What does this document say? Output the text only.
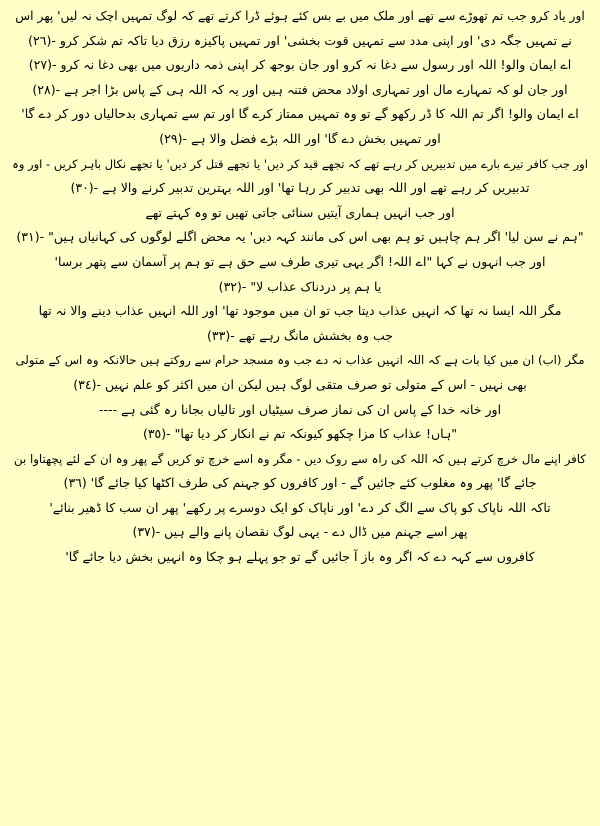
اور یاد کرو جب تم تھوڑے سے تھے اور ملک میں بے بس کئے ہوئے ڈرا کرتے تھے کہ لوگ تمہیں اچک نہ لیں' پھر اس
نے تمہیں جگہ دی' اور اپنی مدد سے تمہیں قوت بخشی' اور تمہیں پاکیزہ رزق دیا تاکہ تم شکر کرو -(٢٦)
اے ایمان والو! اللہ اور رسول سے دغا نہ کرو اور جان بوجھ کر اپنی ذمہ داریوں میں بھی دغا نہ کرو -(٢٧)
اور جان لو کہ تمہارے مال اور تمہاری اولاد محض فتنہ ہیں اور یہ کہ اللہ ہی کے پاس بڑا اجر ہے -(٢٨)
اے ایمان والو! اگر تم اللہ کا ڈر رکھو گے تو وہ تمہیں ممتاز کرے گا اور تم سے تمہاری بدحالیاں دور کر دے گا'
اور تمہیں بخش دے گا' اور اللہ بڑے فضل والا ہے -(٢٩)
اور جب کافر تیرے بارے میں تدبیریں کر رہے تھے کہ تجھے قید کر دیں' یا تجھے قتل کر دیں' یا تجھے نکال باہر کریں - اور وہ
تدبیریں کر رہے تھے اور اللہ بھی تدبیر کر رہا تھا' اور اللہ بہترین تدبیر کرنے والا ہے -(٣٠)
اور جب انہیں ہماری آیتیں سنائی جاتی تھیں تو وہ کہتے تھے
"ہم نے سن لیا' اگر ہم چاہیں تو ہم بھی اس کی مانند کہہ دیں' یہ محض اگلے لوگوں کی کہانیاں ہیں" -(٣١)
اور جب انہوں نے کہا "اے اللہ! اگر یہی تیری طرف سے حق ہے تو ہم پر آسمان سے پتھر برسا'
یا ہم پر دردناک عذاب لا" -(٣٢)
مگر اللہ ایسا نہ تھا کہ انہیں عذاب دیتا جب تو ان میں موجود تھا' اور اللہ انہیں عذاب دینے والا نہ تھا
جب وہ بخشش مانگ رہے تھے -(٣٣)
مگر (اب) ان میں کیا بات ہے کہ اللہ انہیں عذاب نہ دے جب وہ مسجد حرام سے روکتے ہیں حالانکہ وہ اس کے متولی
بھی نہیں - اس کے متولی تو صرف متقی لوگ ہیں لیکن ان میں اکثر کو علم نہیں -(٣٤)
اور خانہ خدا کے پاس ان کی نماز صرف سیٹیاں اور تالیاں بجانا رہ گئی ہے ----
"ہاں! عذاب کا مزا چکھو کیونکہ تم نے انکار کر دیا تھا" -(٣٥)
کافر اپنے مال خرچ کرتے ہیں کہ اللہ کی راہ سے روک دیں - مگر وہ اسے خرچ تو کریں گے پھر وہ ان کے لئے پچھتاوا بن
جائے گا' پھر وہ مغلوب کئے جائیں گے - اور کافروں کو جہنم کی طرف اکٹھا کیا جائے گا' (٣٦)
تاکہ اللہ ناپاک کو پاک سے الگ کر دے' اور ناپاک کو ایک دوسرے پر رکھے' پھر ان سب کا ڈھیر بنائے'
پھر اسے جہنم میں ڈال دے - یہی لوگ نقصان پانے والے ہیں -(٣٧)
کافروں سے کہہ دے کہ اگر وہ باز آ جائیں گے تو جو پہلے ہو چکا وہ انہیں بخش دیا جائے گا'
